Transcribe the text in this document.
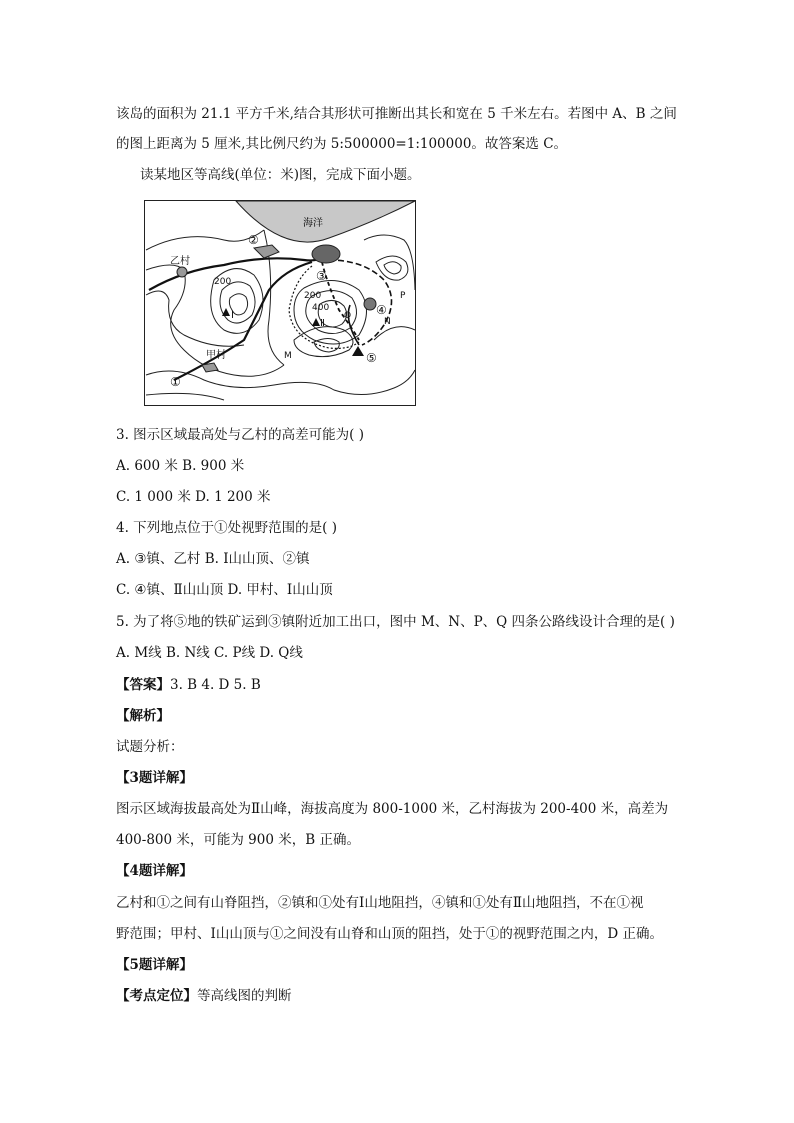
该岛的面积为 21.1 平方千米,结合其形状可推断出其长和宽在 5 千米左右。若图中 A、B 之间
的图上距离为 5 厘米,其比例尺约为 5:500000=1:100000。故答案选 C。
读某地区等高线(单位：米)图，完成下面小题。
海洋
乙村
甲村
①
②
③
④
⑤
200
200
400
Ⅰ
Ⅱ
M
N
P
Q
3. 图示区域最高处与乙村的高差可能为( )
A. 600 米 B. 900 米
C. 1 000 米 D. 1 200 米
4. 下列地点位于①处视野范围的是( )
A. ③镇、乙村 B. Ⅰ山山顶、②镇
C. ④镇、Ⅱ山山顶 D. 甲村、Ⅰ山山顶
5. 为了将⑤地的铁矿运到③镇附近加工出口，图中 M、N、P、Q 四条公路线设计合理的是( )
A. M线 B. N线 C. P线 D. Q线
【答案】3. B 4. D 5. B
【解析】
试题分析：
【3题详解】
图示区域海拔最高处为Ⅱ山峰，海拔高度为 800-1000 米，乙村海拔为 200-400 米，高差为
400-800 米，可能为 900 米，B 正确。
【4题详解】
乙村和①之间有山脊阻挡，②镇和①处有Ⅰ山地阻挡，④镇和①处有Ⅱ山地阻挡，不在①视
野范围；甲村、Ⅰ山山顶与①之间没有山脊和山顶的阻挡，处于①的视野范围之内，D 正确。
【5题详解】
【考点定位】等高线图的判断
